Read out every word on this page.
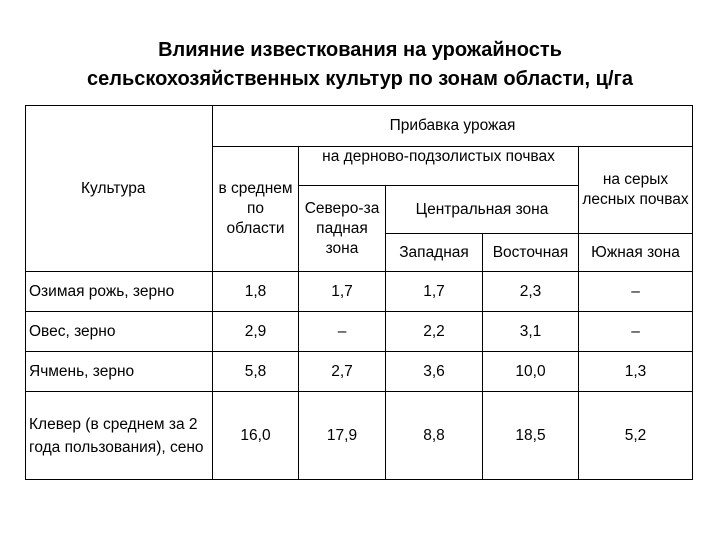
Влияние известкования на урожайность
сельскохозяйственных культур по зонам области, ц/га
Культура	Прибавка урожая				
	в среднем по области	на дерново-подзолистых почвах			на серых лесных почвах
		Северо-за падная зона	Центральная зона		
			Западная	Восточная	Южная зона
Озимая рожь, зерно	1,8	1,7	1,7	2,3	–
Овес, зерно	2,9	–	2,2	3,1	–
Ячмень, зерно	5,8	2,7	3,6	10,0	1,3
Клевер (в среднем за 2 года пользования), сено	16,0	17,9	8,8	18,5	5,2
